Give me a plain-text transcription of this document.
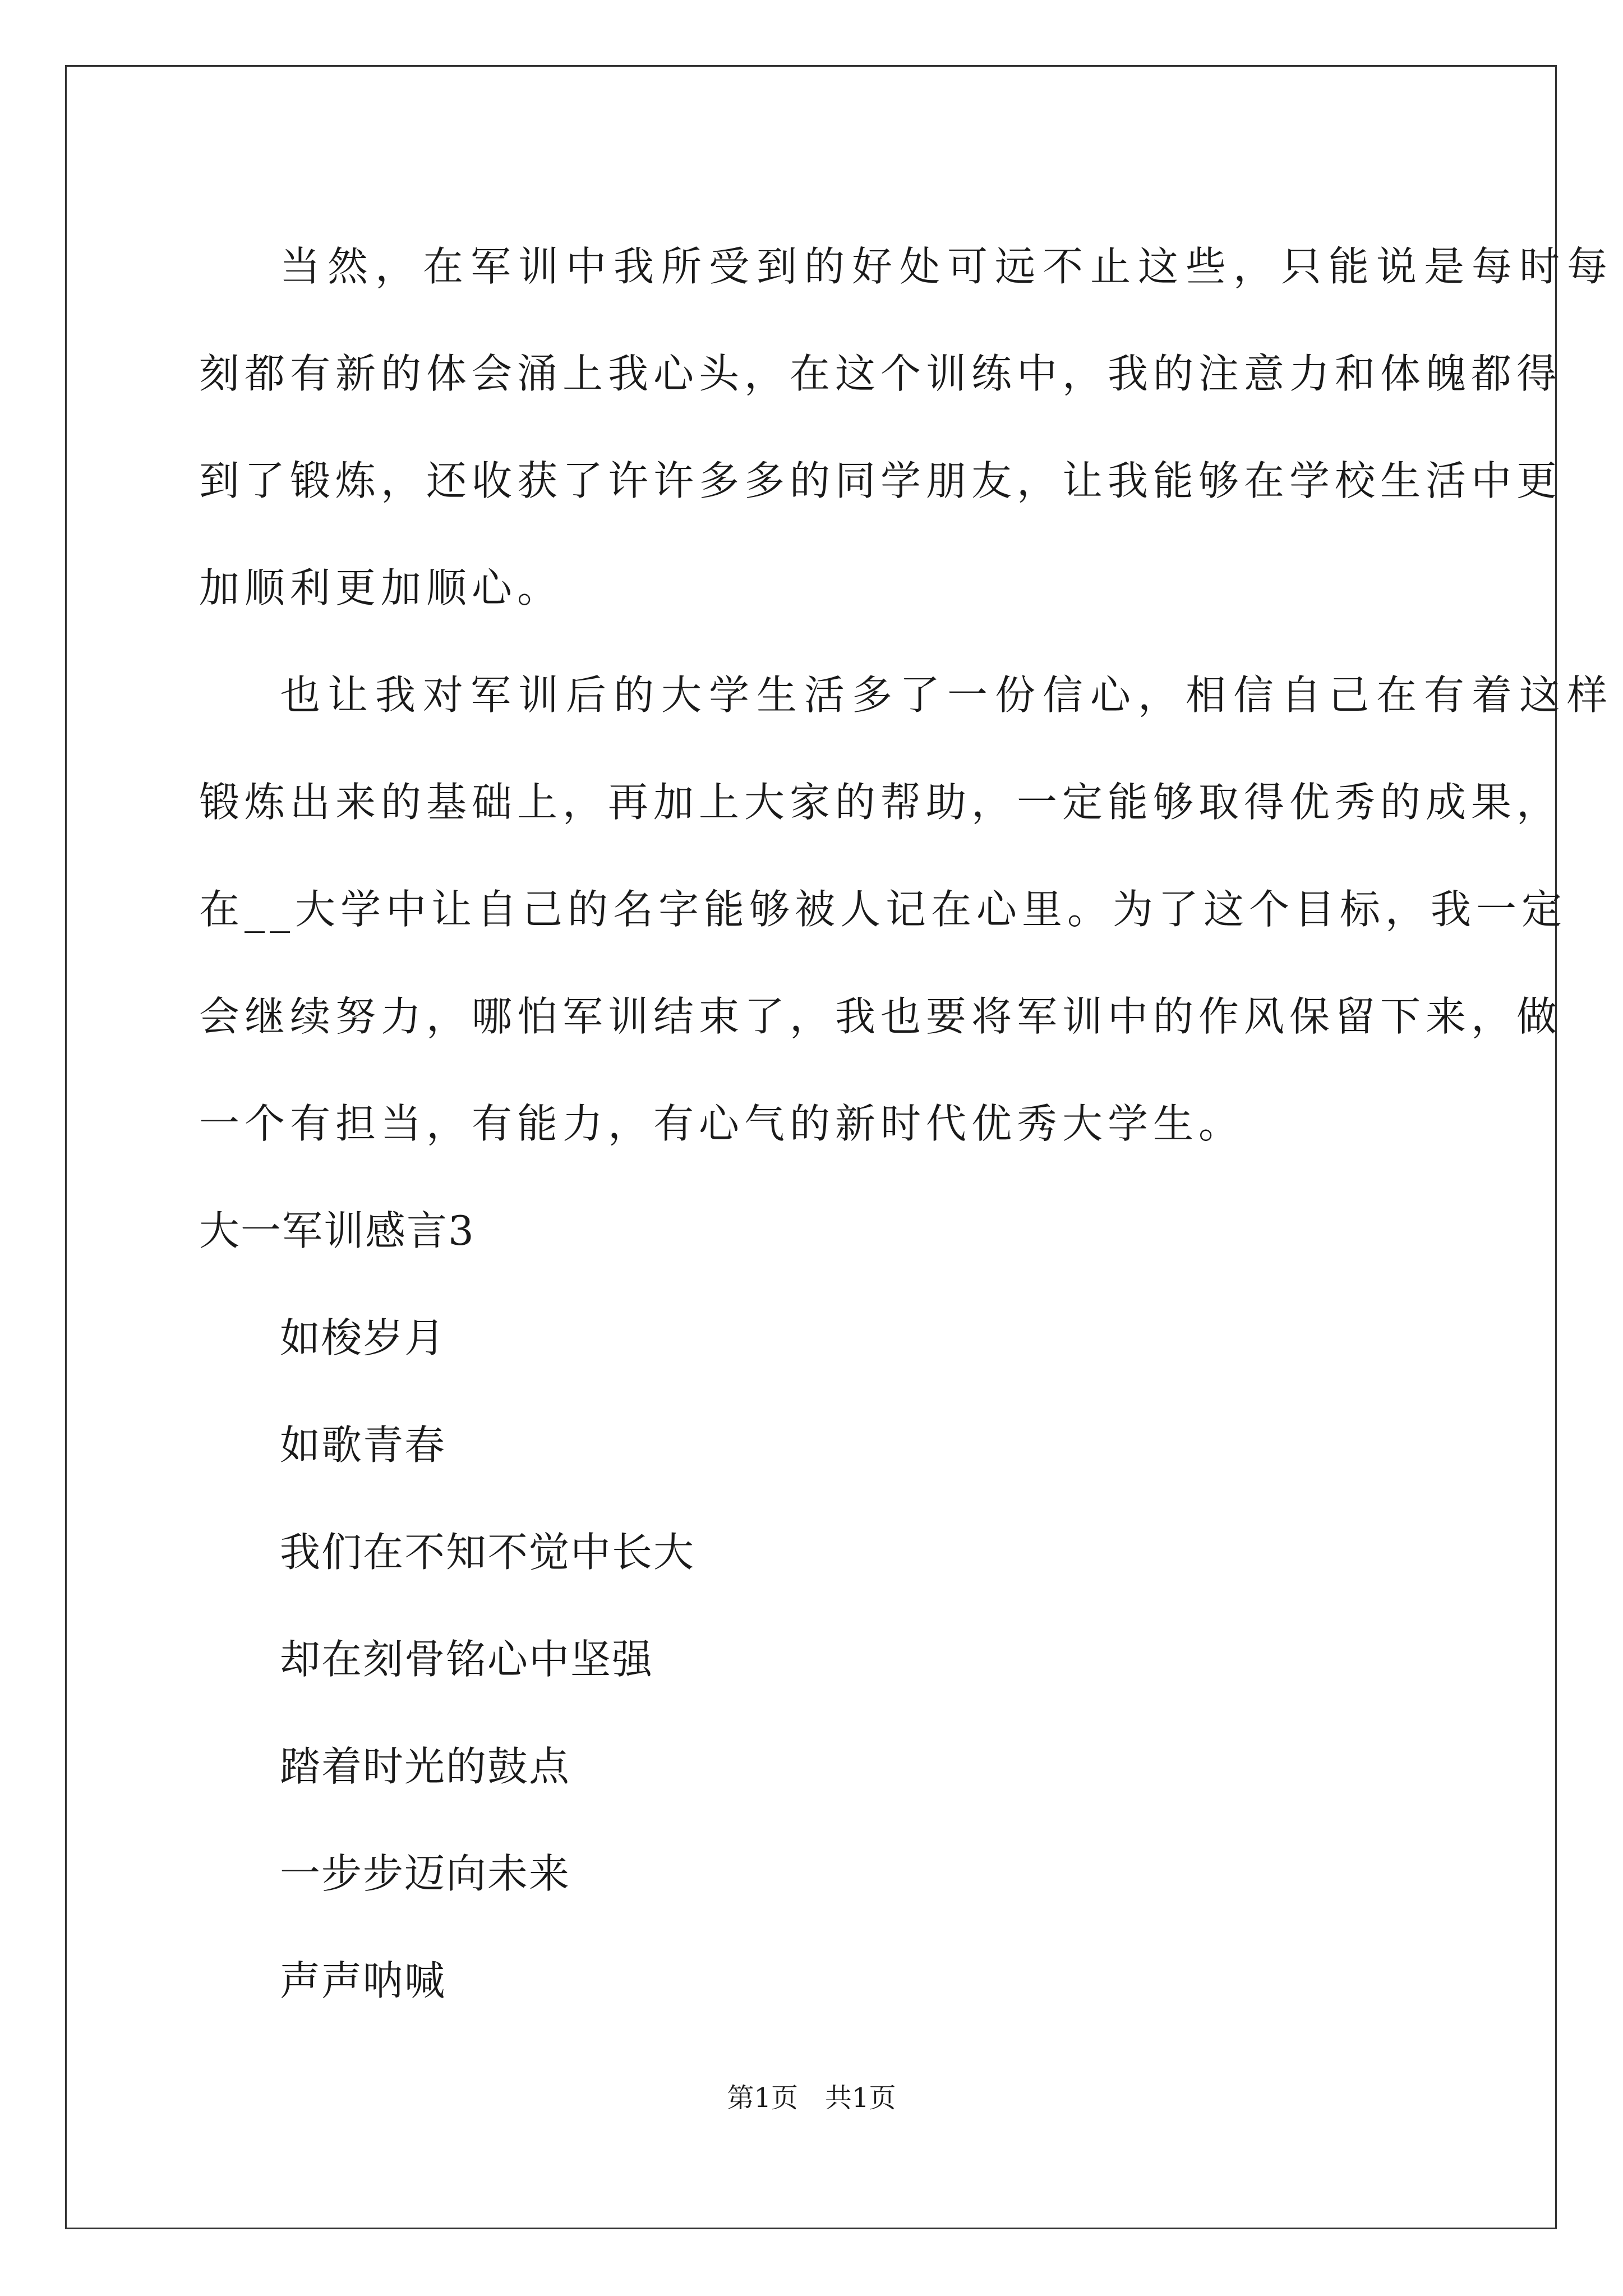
当然，在军训中我所受到的好处可远不止这些，只能说是每时每
刻都有新的体会涌上我心头，在这个训练中，我的注意力和体魄都得
到了锻炼，还收获了许许多多的同学朋友，让我能够在学校生活中更
加顺利更加顺心。
也让我对军训后的大学生活多了一份信心，相信自己在有着这样
锻炼出来的基础上，再加上大家的帮助，一定能够取得优秀的成果，
在__大学中让自己的名字能够被人记在心里。为了这个目标，我一定
会继续努力，哪怕军训结束了，我也要将军训中的作风保留下来，做
一个有担当，有能力，有心气的新时代优秀大学生。
大一军训感言3
如梭岁月
如歌青春
我们在不知不觉中长大
却在刻骨铭心中坚强
踏着时光的鼓点
一步步迈向未来
声声呐喊
第1页　共1页
